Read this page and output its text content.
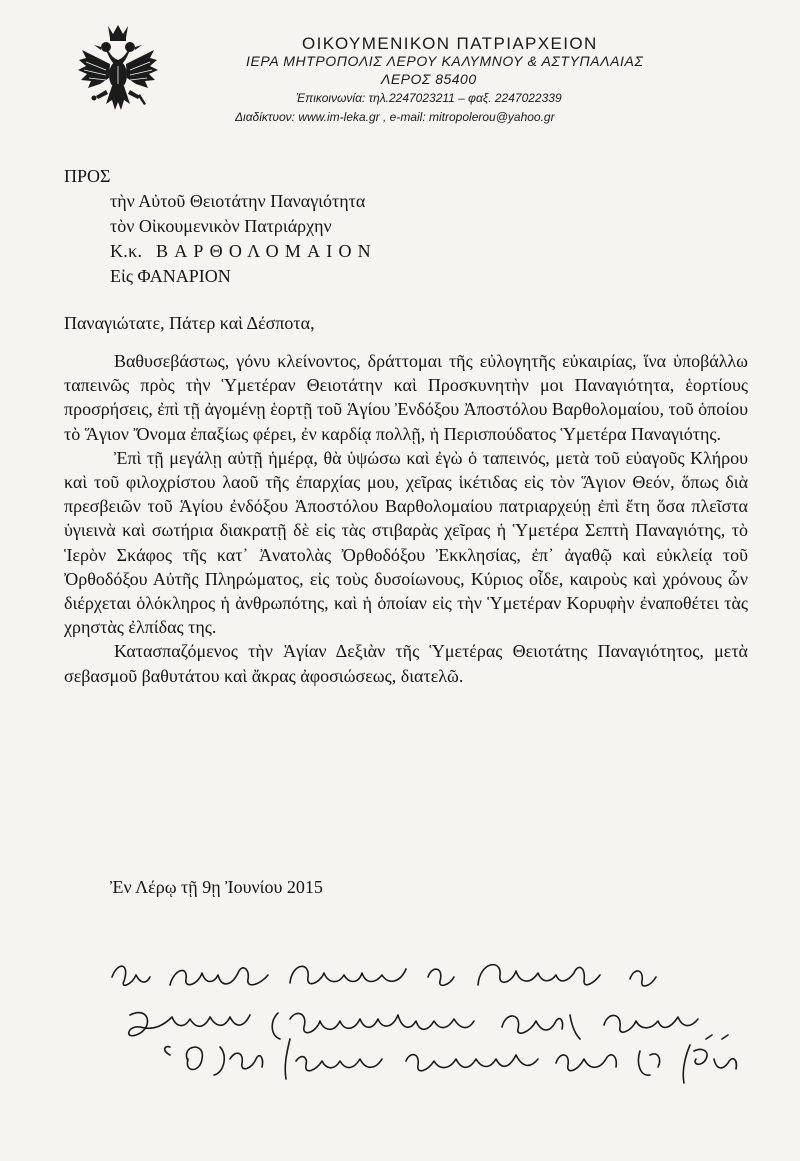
ΟΙΚΟΥΜΕΝΙΚΟΝ ΠΑΤΡΙΑΡΧΕΙΟΝ
ΙΕΡΑ ΜΗΤΡΟΠΟΛΙΣ ΛΕΡΟΥ ΚΑΛΥΜΝΟΥ & ΑΣΤΥΠΑΛΑΙΑΣ
ΛΕΡΟΣ 85400
Ἐπικοινωνία: τηλ.2247023211 – φαξ. 2247022339
Διαδίκτυον: www.im-leka.gr , e-mail: mitropolerou@yahoo.gr
ΠΡΟΣ
τὴν Αὐτοῦ Θειοτάτην Παναγιότητα
τὸν Οἰκουμενικὸν Πατριάρχην
Κ.κ. ΒΑΡΘΟΛΟΜΑΙΟΝ
Εἰς ΦΑΝΑΡΙΟΝ
Παναγιώτατε, Πάτερ καὶ Δέσποτα,

Βαθυσεβάστως, γόνυ κλείνοντος, δράττομαι τῆς εὐλογητῆς εὐκαιρίας, ἵνα ὑποβάλλω ταπεινῶς πρὸς τὴν Ὑμετέραν Θειοτάτην καὶ Προσκυνητὴν μοι Παναγιότητα, ἑορτίους προσρήσεις, ἐπὶ τῇ ἀγομένῃ ἑορτῇ τοῦ Ἁγίου Ἐνδόξου Ἀποστόλου Βαρθολομαίου, τοῦ ὁποίου τὸ Ἅγιον Ὄνομα ἐπαξίως φέρει, ἐν καρδίᾳ πολλῇ, ἡ Περισπούδατος Ὑμετέρα Παναγιότης.

Ἐπὶ τῇ μεγάλῃ αὐτῇ ἡμέρᾳ, θὰ ὑψώσω καὶ ἐγὼ ὁ ταπεινός, μετὰ τοῦ εὐαγοῦς Κλήρου καὶ τοῦ φιλοχρίστου λαοῦ τῆς ἐπαρχίας μου, χεῖρας ἱκέτιδας εἰς τὸν Ἅγιον Θεόν, ὅπως διὰ πρεσβειῶν τοῦ Ἁγίου ἐνδόξου Ἀποστόλου Βαρθολομαίου πατριαρχεύῃ ἐπὶ ἔτη ὅσα πλεῖστα ὑγιεινὰ καὶ σωτήρια διακρατῇ δὲ εἰς τὰς στιβαρὰς χεῖρας ἡ Ὑμετέρα Σεπτὴ Παναγιότης, τὸ Ἱερὸν Σκάφος τῆς κατ᾽ Ἀνατολὰς Ὀρθοδόξου Ἐκκλησίας, ἐπ᾽ ἀγαθῷ καὶ εὐκλείᾳ τοῦ Ὀρθοδόξου Αὐτῆς Πληρώματος, εἰς τοὺς δυσοίωνους, Κύριος οἶδε, καιροὺς καὶ χρόνους ὧν διέρχεται ὁλόκληρος ἡ ἀνθρωπότης, καὶ ἡ ὁποίαν εἰς τὴν Ὑμετέραν Κορυφὴν ἐναποθέτει τὰς χρηστὰς ἐλπίδας της.

Κατασπαζόμενος τὴν Ἁγίαν Δεξιὰν τῆς Ὑμετέρας Θειοτάτης Παναγιότητος, μετὰ σεβασμοῦ βαθυτάτου καὶ ἄκρας ἀφοσιώσεως, διατελῶ.

Ἐν Λέρῳ τῇ 9ῃ Ἰουνίου 2015
